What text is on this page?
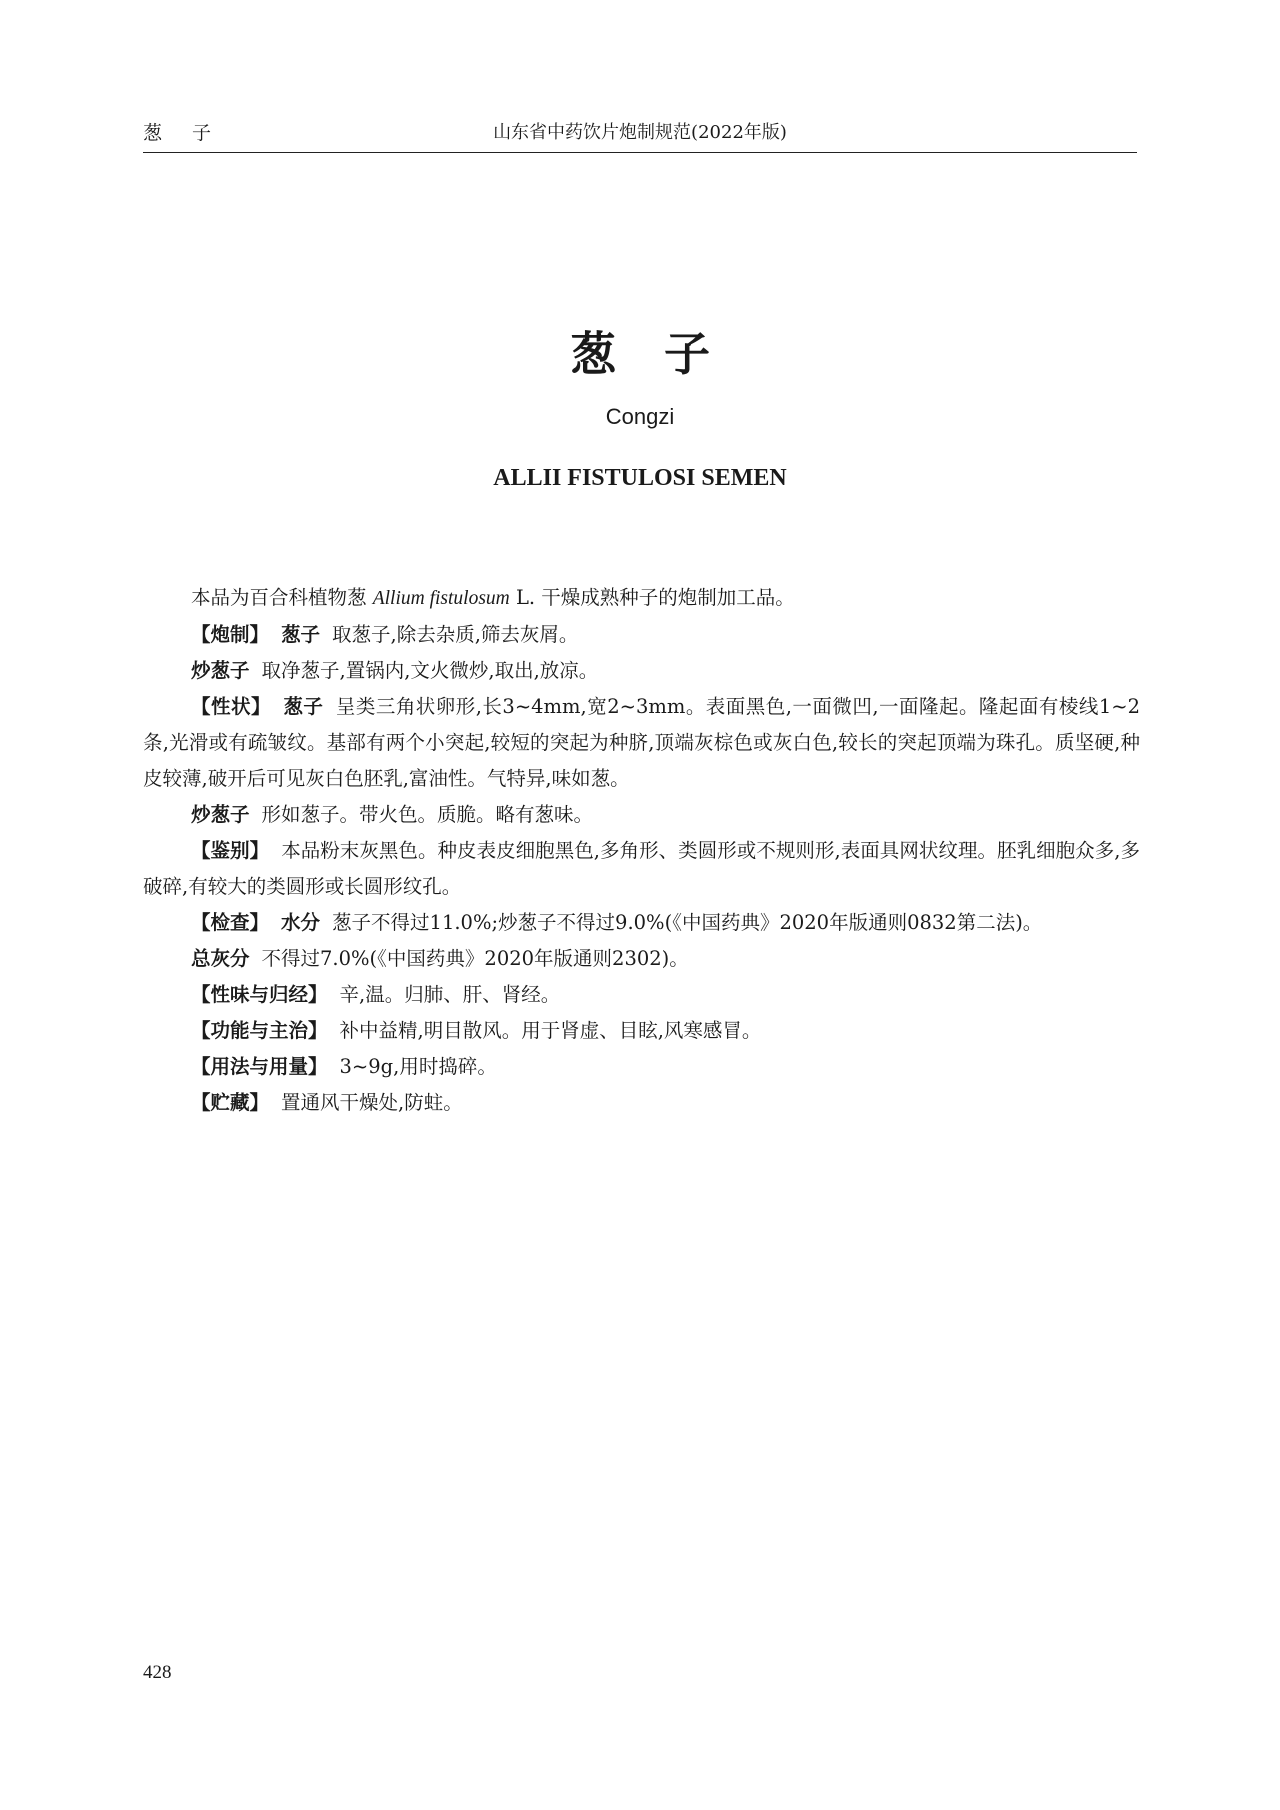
葱 子	山东省中药饮片炮制规范(2022年版)
葱子
Congzi
ALLII FISTULOSI SEMEN

本品为百合科植物葱 Allium fistulosum L. 干燥成熟种子的炮制加工品。

【炮制】 葱子 取葱子,除去杂质,筛去灰屑。

炒葱子 取净葱子,置锅内,文火微炒,取出,放凉。

【性状】 葱子 呈类三角状卵形,长3~4mm,宽2~3mm。表面黑色,一面微凹,一面隆起。隆起面有棱线1~2条,光滑或有疏皱纹。基部有两个小突起,较短的突起为种脐,顶端灰棕色或灰白色,较长的突起顶端为珠孔。质坚硬,种皮较薄,破开后可见灰白色胚乳,富油性。气特异,味如葱。

炒葱子 形如葱子。带火色。质脆。略有葱味。

【鉴别】 本品粉末灰黑色。种皮表皮细胞黑色,多角形、类圆形或不规则形,表面具网状纹理。胚乳细胞众多,多破碎,有较大的类圆形或长圆形纹孔。

【检查】 水分 葱子不得过11.0%;炒葱子不得过9.0%(《中国药典》2020年版通则0832第二法)。

总灰分 不得过7.0%(《中国药典》2020年版通则2302)。

【性味与归经】 辛,温。归肺、肝、肾经。

【功能与主治】 补中益精,明目散风。用于肾虚、目眩,风寒感冒。

【用法与用量】 3~9g,用时捣碎。

【贮藏】 置通风干燥处,防蛀。

428
